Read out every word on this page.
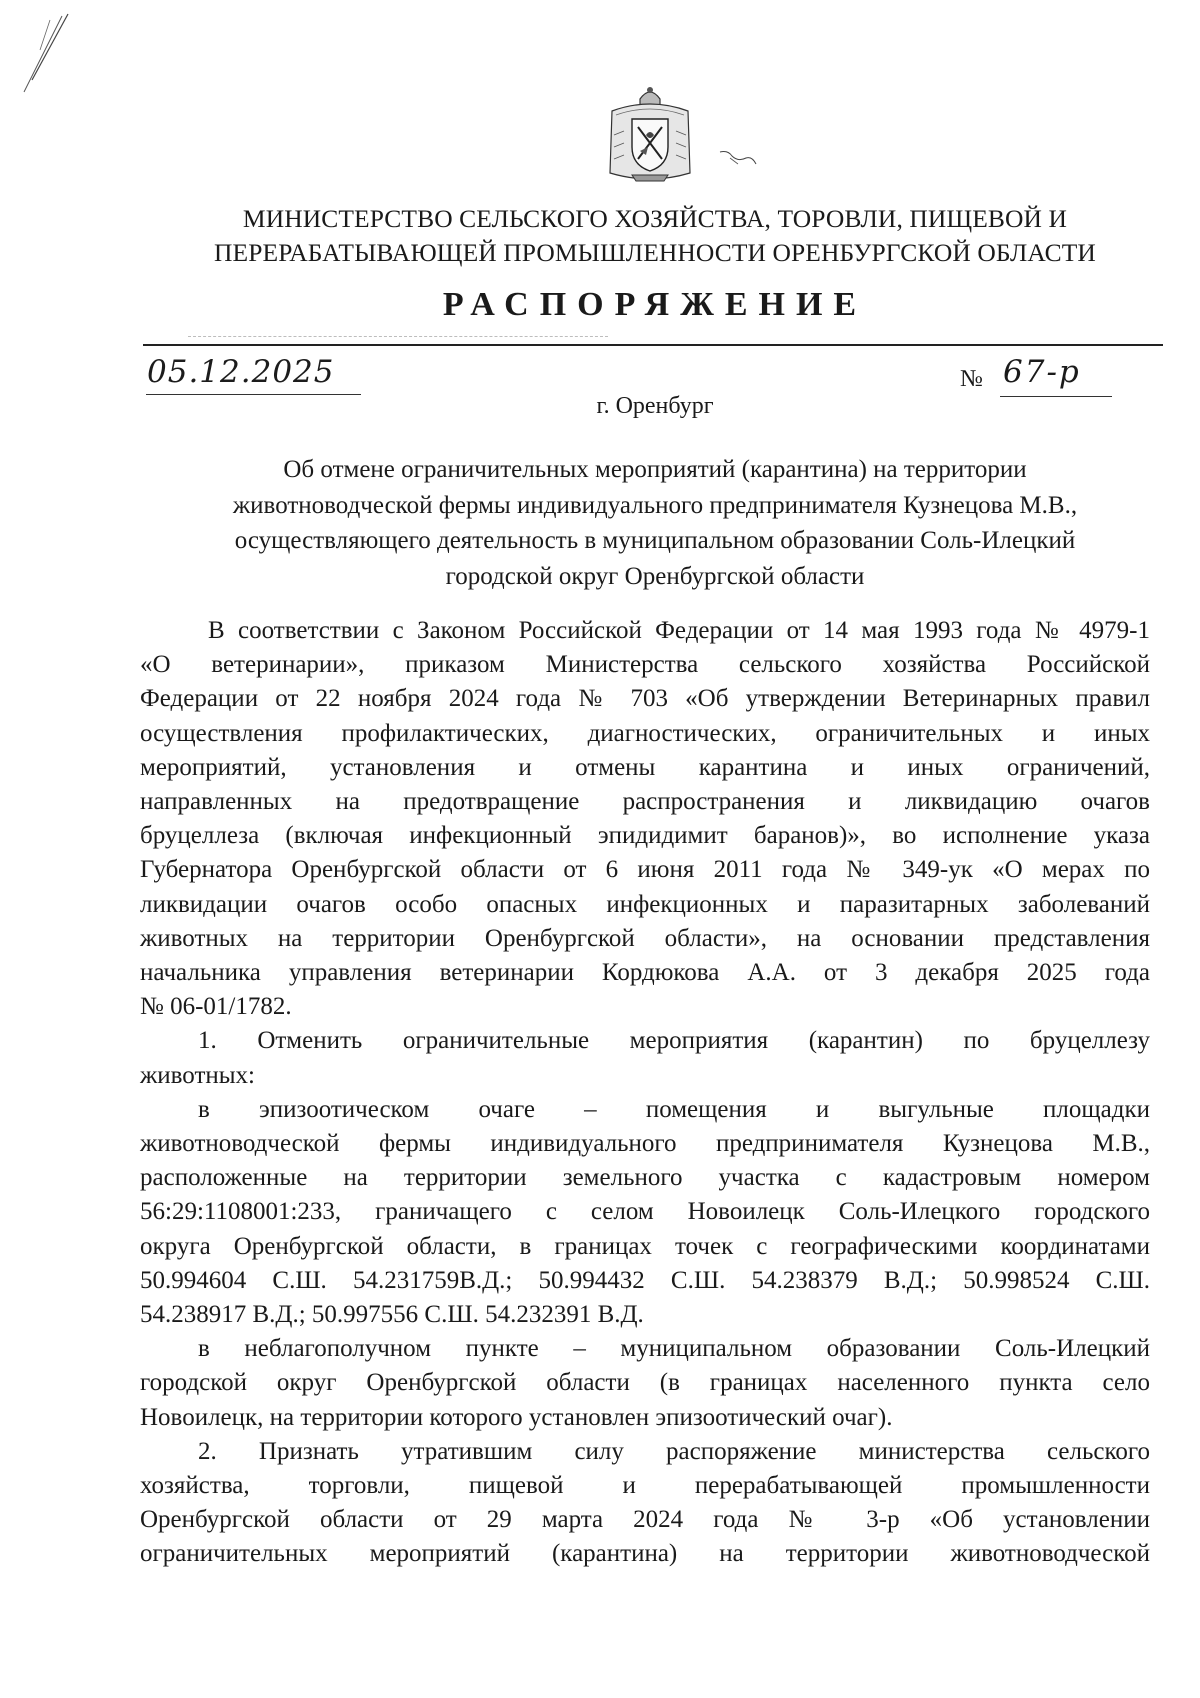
МИНИСТЕРСТВО СЕЛЬСКОГО ХОЗЯЙСТВА, ТОРОВЛИ, ПИЩЕВОЙ И
ПЕРЕРАБАТЫВАЮЩЕЙ ПРОМЫШЛЕННОСТИ ОРЕНБУРГСКОЙ ОБЛАСТИ
РАСПОРЯЖЕНИЕ
05.12.2025	№ 67-р
г. Оренбург
Об отмене ограничительных мероприятий (карантина) на территории
животноводческой фермы индивидуального предпринимателя Кузнецова М.В.,
осуществляющего деятельность в муниципальном образовании Соль-Илецкий
городской округ Оренбургской области
В соответствии с Законом Российской Федерации от 14 мая 1993 года № 4979-1
«О ветеринарии», приказом Министерства сельского хозяйства Российской
Федерации от 22 ноября 2024 года № 703 «Об утверждении Ветеринарных правил
осуществления профилактических, диагностических, ограничительных и иных
мероприятий, установления и отмены карантина и иных ограничений,
направленных на предотвращение распространения и ликвидацию очагов
бруцеллеза (включая инфекционный эпидидимит баранов)», во исполнение указа
Губернатора Оренбургской области от 6 июня 2011 года № 349-ук «О мерах по
ликвидации очагов особо опасных инфекционных и паразитарных заболеваний
животных на территории Оренбургской области», на основании представления
начальника управления ветеринарии Кордюкова А.А. от 3 декабря 2025 года
№ 06-01/1782.
1. Отменить ограничительные мероприятия (карантин) по бруцеллезу
животных:
в эпизоотическом очаге – помещения и выгульные площадки
животноводческой фермы индивидуального предпринимателя Кузнецова М.В.,
расположенные на территории земельного участка с кадастровым номером
56:29:1108001:233, граничащего с селом Новоилецк Соль-Илецкого городского
округа Оренбургской области, в границах точек с географическими координатами
50.994604 С.Ш. 54.231759В.Д.; 50.994432 С.Ш. 54.238379 В.Д.; 50.998524 С.Ш.
54.238917 В.Д.; 50.997556 С.Ш. 54.232391 В.Д.
в неблагополучном пункте – муниципальном образовании Соль-Илецкий
городской округ Оренбургской области (в границах населенного пункта село
Новоилецк, на территории которого установлен эпизоотический очаг).
2. Признать утратившим силу распоряжение министерства сельского
хозяйства, торговли, пищевой и перерабатывающей промышленности
Оренбургской области от 29 марта 2024 года № 3-р «Об установлении
ограничительных мероприятий (карантина) на территории животноводческой
